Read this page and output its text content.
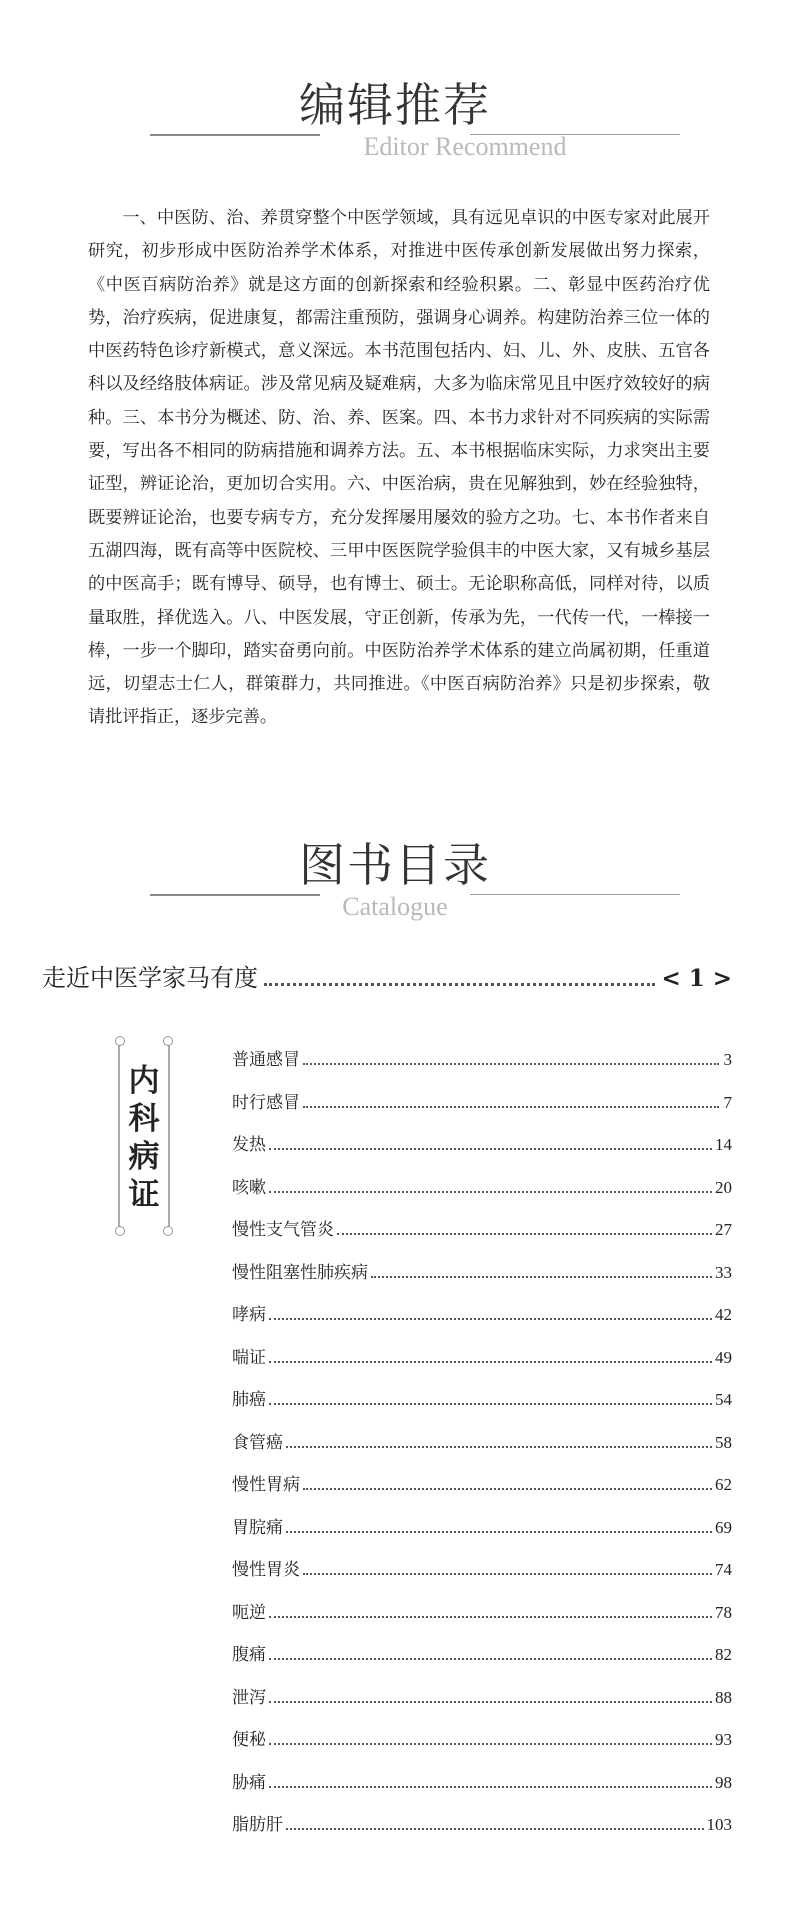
编辑推荐
Editor Recommend
一、中医防、治、养贯穿整个中医学领域，具有远见卓识的中医专家对此展开研究，初步形成中医防治养学术体系，对推进中医传承创新发展做出努力探索，《中医百病防治养》就是这方面的创新探索和经验积累。二、彰显中医药治疗优势，治疗疾病，促进康复，都需注重预防，强调身心调养。构建防治养三位一体的中医药特色诊疗新模式，意义深远。本书范围包括内、妇、儿、外、皮肤、五官各科以及经络肢体病证。涉及常见病及疑难病，大多为临床常见且中医疗效较好的病种。三、本书分为概述、防、治、养、医案。四、本书力求针对不同疾病的实际需要，写出各不相同的防病措施和调养方法。五、本书根据临床实际，力求突出主要证型，辨证论治，更加切合实用。六、中医治病，贵在见解独到，妙在经验独特，既要辨证论治，也要专病专方，充分发挥屡用屡效的验方之功。七、本书作者来自五湖四海，既有高等中医院校、三甲中医医院学验俱丰的中医大家，又有城乡基层的中医高手；既有博导、硕导，也有博士、硕士。无论职称高低，同样对待，以质量取胜，择优选入。八、中医发展，守正创新，传承为先，一代传一代，一棒接一棒，一步一个脚印，踏实奋勇向前。中医防治养学术体系的建立尚属初期，任重道远，切望志士仁人，群策群力，共同推进。《中医百病防治养》只是初步探索，敬请批评指正，逐步完善。
图书目录
Catalogue
走近中医学家马有度	< 1 >
内科病证
普通感冒	3
时行感冒	7
发热	14
咳嗽	20
慢性支气管炎	27
慢性阻塞性肺疾病	33
哮病	42
喘证	49
肺癌	54
食管癌	58
慢性胃病	62
胃脘痛	69
慢性胃炎	74
呃逆	78
腹痛	82
泄泻	88
便秘	93
胁痛	98
脂肪肝	103
